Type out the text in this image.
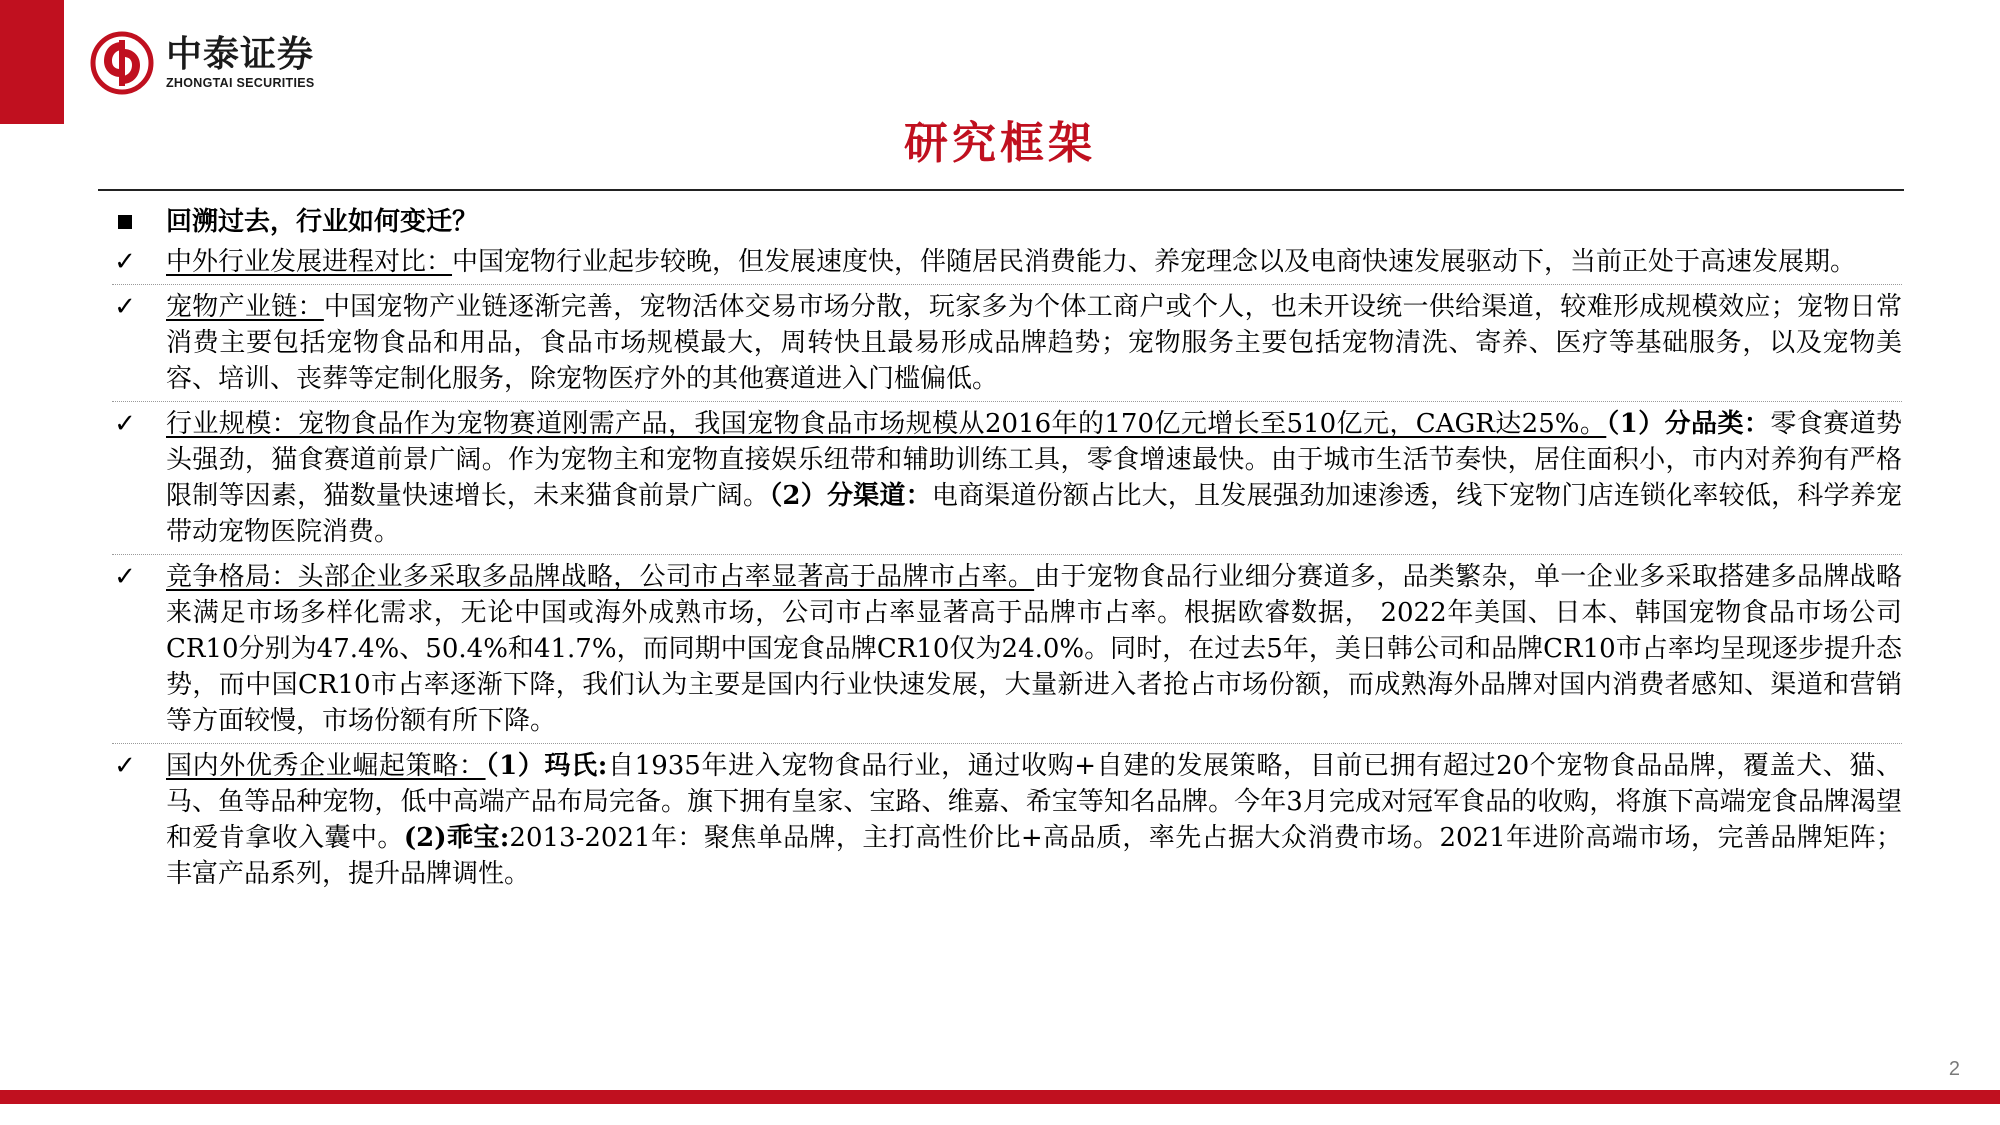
中泰证券
ZHONGTAI SECURITIES
研究框架
回溯过去，行业如何变迁？
✓ 中外行业发展进程对比：中国宠物行业起步较晚，但发展速度快，伴随居民消费能力、养宠理念以及电商快速发展驱动下，当前正处于高速发展期。
✓ 宠物产业链：中国宠物产业链逐渐完善，宠物活体交易市场分散，玩家多为个体工商户或个人，也未开设统一供给渠道，较难形成规模效应；宠物日常消费主要包括宠物食品和用品，食品市场规模最大，周转快且最易形成品牌趋势；宠物服务主要包括宠物清洗、寄养、医疗等基础服务，以及宠物美容、培训、丧葬等定制化服务，除宠物医疗外的其他赛道进入门槛偏低。
✓ 行业规模：宠物食品作为宠物赛道刚需产品，我国宠物食品市场规模从2016年的170亿元增长至510亿元，CAGR达25%。（1）分品类：零食赛道势头强劲，猫食赛道前景广阔。作为宠物主和宠物直接娱乐纽带和辅助训练工具，零食增速最快。由于城市生活节奏快，居住面积小，市内对养狗有严格限制等因素，猫数量快速增长，未来猫食前景广阔。（2）分渠道：电商渠道份额占比大，且发展强劲加速渗透，线下宠物门店连锁化率较低，科学养宠带动宠物医院消费。
✓ 竞争格局：头部企业多采取多品牌战略，公司市占率显著高于品牌市占率。由于宠物食品行业细分赛道多，品类繁杂，单一企业多采取搭建多品牌战略来满足市场多样化需求，无论中国或海外成熟市场，公司市占率显著高于品牌市占率。根据欧睿数据， 2022年美国、日本、韩国宠物食品市场公司CR10分别为47.4%、50.4%和41.7%，而同期中国宠食品牌CR10仅为24.0%。同时，在过去5年，美日韩公司和品牌CR10市占率均呈现逐步提升态势，而中国CR10市占率逐渐下降，我们认为主要是国内行业快速发展，大量新进入者抢占市场份额，而成熟海外品牌对国内消费者感知、渠道和营销等方面较慢，市场份额有所下降。
✓ 国内外优秀企业崛起策略：（1）玛氏:自1935年进入宠物食品行业，通过收购+自建的发展策略，目前已拥有超过20个宠物食品品牌，覆盖犬、猫、马、鱼等品种宠物，低中高端产品布局完备。旗下拥有皇家、宝路、维嘉、希宝等知名品牌。今年3月完成对冠军食品的收购，将旗下高端宠食品牌渴望和爱肯拿收入囊中。(2)乖宝:2013-2021年：聚焦单品牌，主打高性价比+高品质，率先占据大众消费市场。2021年进阶高端市场，完善品牌矩阵；丰富产品系列，提升品牌调性。
2
